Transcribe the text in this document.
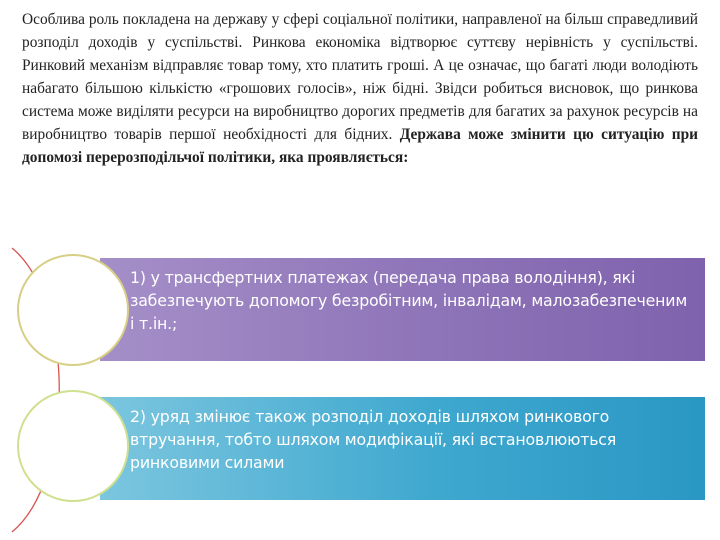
Особлива роль покладена на державу у сфері соціальної політики, направленої на більш справедливий розподіл доходів у суспільстві. Ринкова економіка відтворює суттєву нерівність у суспільстві. Ринковий механізм відправляє товар тому, хто платить гроші. А це означає, що багаті люди володіють набагато більшою кількістю «грошових голосів», ніж бідні. Звідси робиться висновок, що ринкова система може виділяти ресурси на виробництво дорогих предметів для багатих за рахунок ресурсів на виробництво товарів першої необхідності для бідних. Держава може змінити цю ситуацію при допомозі перерозподільчої політики, яка проявляється:

1) у трансфертних платежах (передача права володіння), які забезпечують допомогу безробітним, інвалідам, малозабезпеченим і т.ін.;
2) уряд змінює також розподіл доходів шляхом ринкового втручання, тобто шляхом модифікації, які встановлюються ринковими силами
